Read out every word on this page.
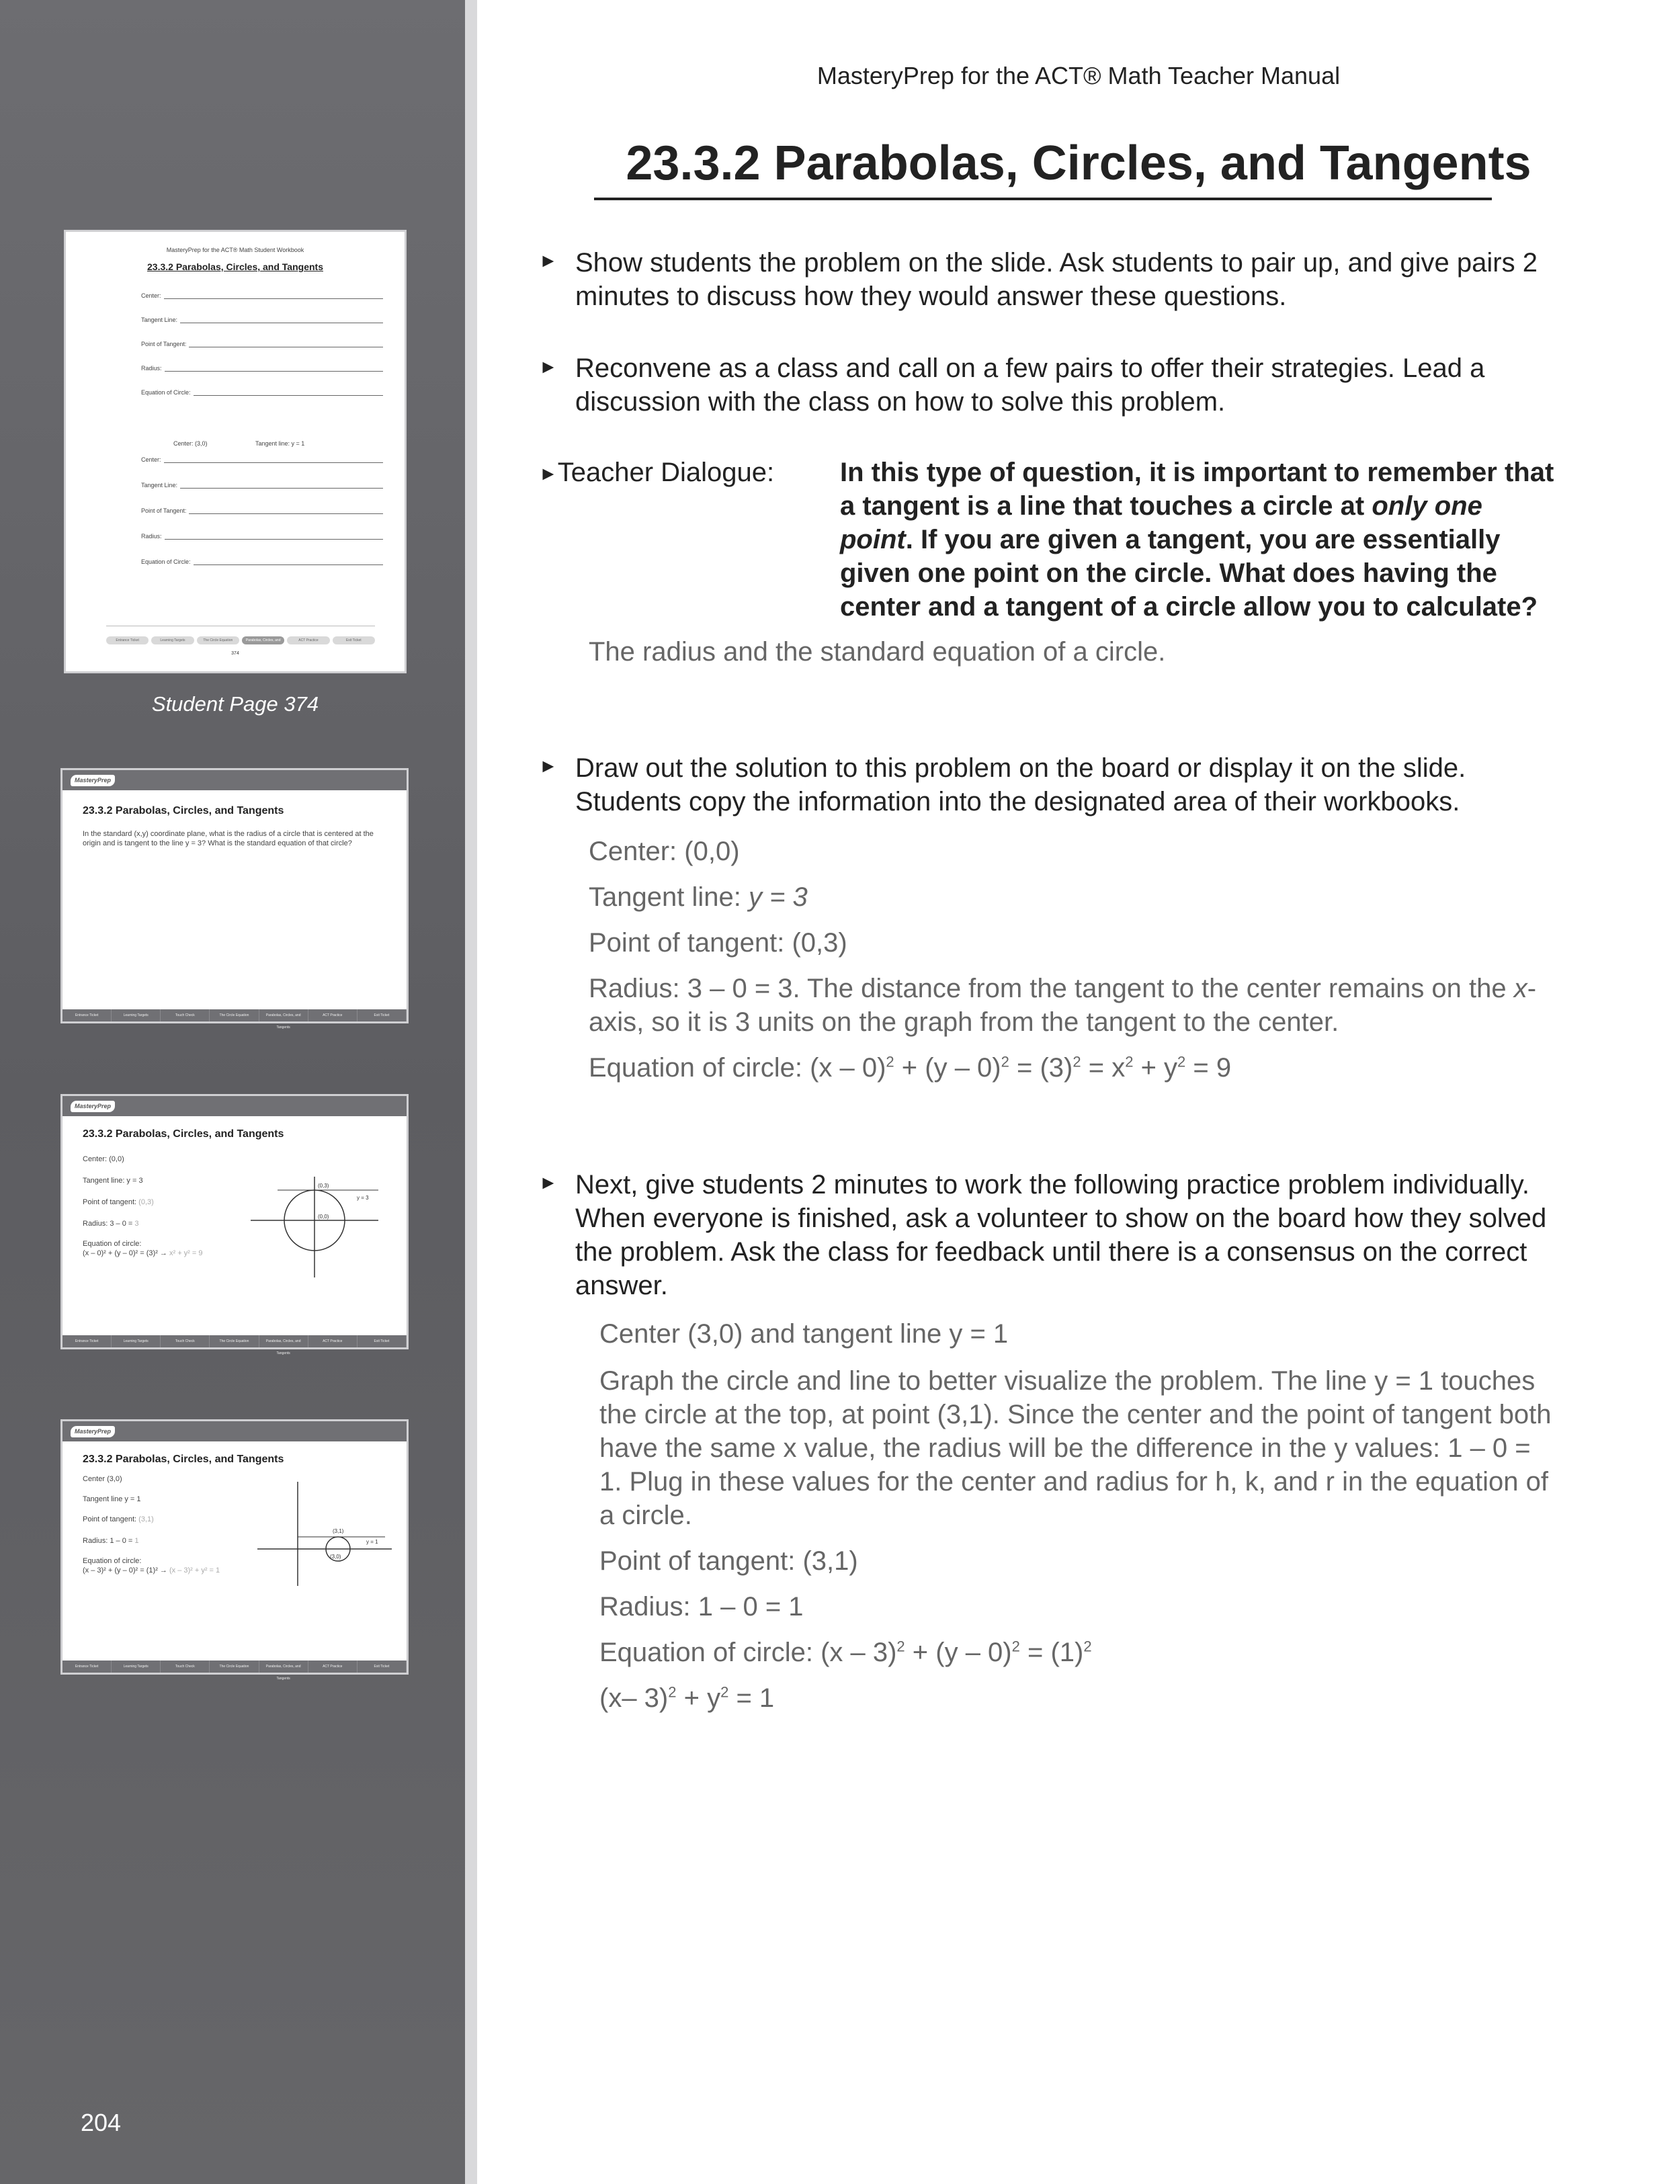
MasteryPrep for the ACT® Math Student Workbook
23.3.2 Parabolas, Circles, and Tangents
Center:
Tangent Line:
Point of Tangent:
Radius:
Equation of Circle:
Center: (3,0)	Tangent line: y = 1
Center:
Tangent Line:
Point of Tangent:
Radius:
Equation of Circle:
Entrance Ticket	Learning Targets	The Circle Equation	Parabolas, Circles, and Tangents
ACT Practice	Exit Ticket
374
Student Page 374
MasteryPrep
23.3.2 Parabolas, Circles, and Tangents
In the standard (x,y) coordinate plane, what is the radius of a circle that is centered at the origin and is tangent to the line y = 3? What is the standard equation of that circle?
Entrance Ticket	Learning Targets	Touch Check	The Circle Equation	Parabolas, Circles, and Tangents
ACT Practice	Exit Ticket
MasteryPrep
23.3.2 Parabolas, Circles, and Tangents
Center: (0,0)
Tangent line: y = 3
Point of tangent: (0,3)
Radius: 3 – 0 = 3
Equation of circle:
(x – 0)² + (y – 0)² = (3)² → x² + y² = 9
(0,3)
y = 3
(0,0)
Entrance Ticket	Learning Targets	Touch Check	The Circle Equation	Parabolas, Circles, and Tangents
ACT Practice	Exit Ticket
MasteryPrep
23.3.2 Parabolas, Circles, and Tangents
Center (3,0)
Tangent line y = 1
Point of tangent: (3,1)
Radius: 1 – 0 = 1
Equation of circle:
(x – 3)² + (y – 0)² = (1)² → (x – 3)² + y² = 1
(3,1)
y = 1
(3,0)
Entrance Ticket	Learning Targets	Touch Check	The Circle Equation	Parabolas, Circles, and Tangents
ACT Practice	Exit Ticket
204
MasteryPrep for the ACT® Math Teacher Manual
23.3.2 Parabolas, Circles, and Tangents
► Show students the problem on the slide. Ask students to pair up, and give pairs 2 minutes to discuss how they would answer these questions.
► Reconvene as a class and call on a few pairs to offer their strategies. Lead a discussion with the class on how to solve this problem.
►Teacher Dialogue: In this type of question, it is important to remember that a tangent is a line that touches a circle at only one point. If you are given a tangent, you are essentially given one point on the circle. What does having the center and a tangent of a circle allow you to calculate?
The radius and the standard equation of a circle.
► Draw out the solution to this problem on the board or display it on the slide. Students copy the information into the designated area of their workbooks.
Center: (0,0)
Tangent line: y = 3
Point of tangent: (0,3)
Radius: 3 – 0 = 3. The distance from the tangent to the center remains on the x-axis, so it is 3 units on the graph from the tangent to the center.
Equation of circle: $(x - 0)^2 + (y - 0)^2 = (3)^2 = x^2 + y^2 = 9$
► Next, give students 2 minutes to work the following practice problem individually. When everyone is finished, ask a volunteer to show on the board how they solved the problem. Ask the class for feedback until there is a consensus on the correct answer.
Center (3,0) and tangent line y = 1
Graph the circle and line to better visualize the problem. The line y = 1 touches the circle at the top, at point (3,1). Since the center and the point of tangent both have the same x value, the radius will be the difference in the y values: 1 – 0 = 1. Plug in these values for the center and radius for h, k, and r in the equation of a circle.
Point of tangent: (3,1)
Radius: 1 – 0 = 1
Equation of circle: $(x - 3)^2 + (y - 0)^2 = (1)^2$
(x– $3)^2 + y^2 = 1$
